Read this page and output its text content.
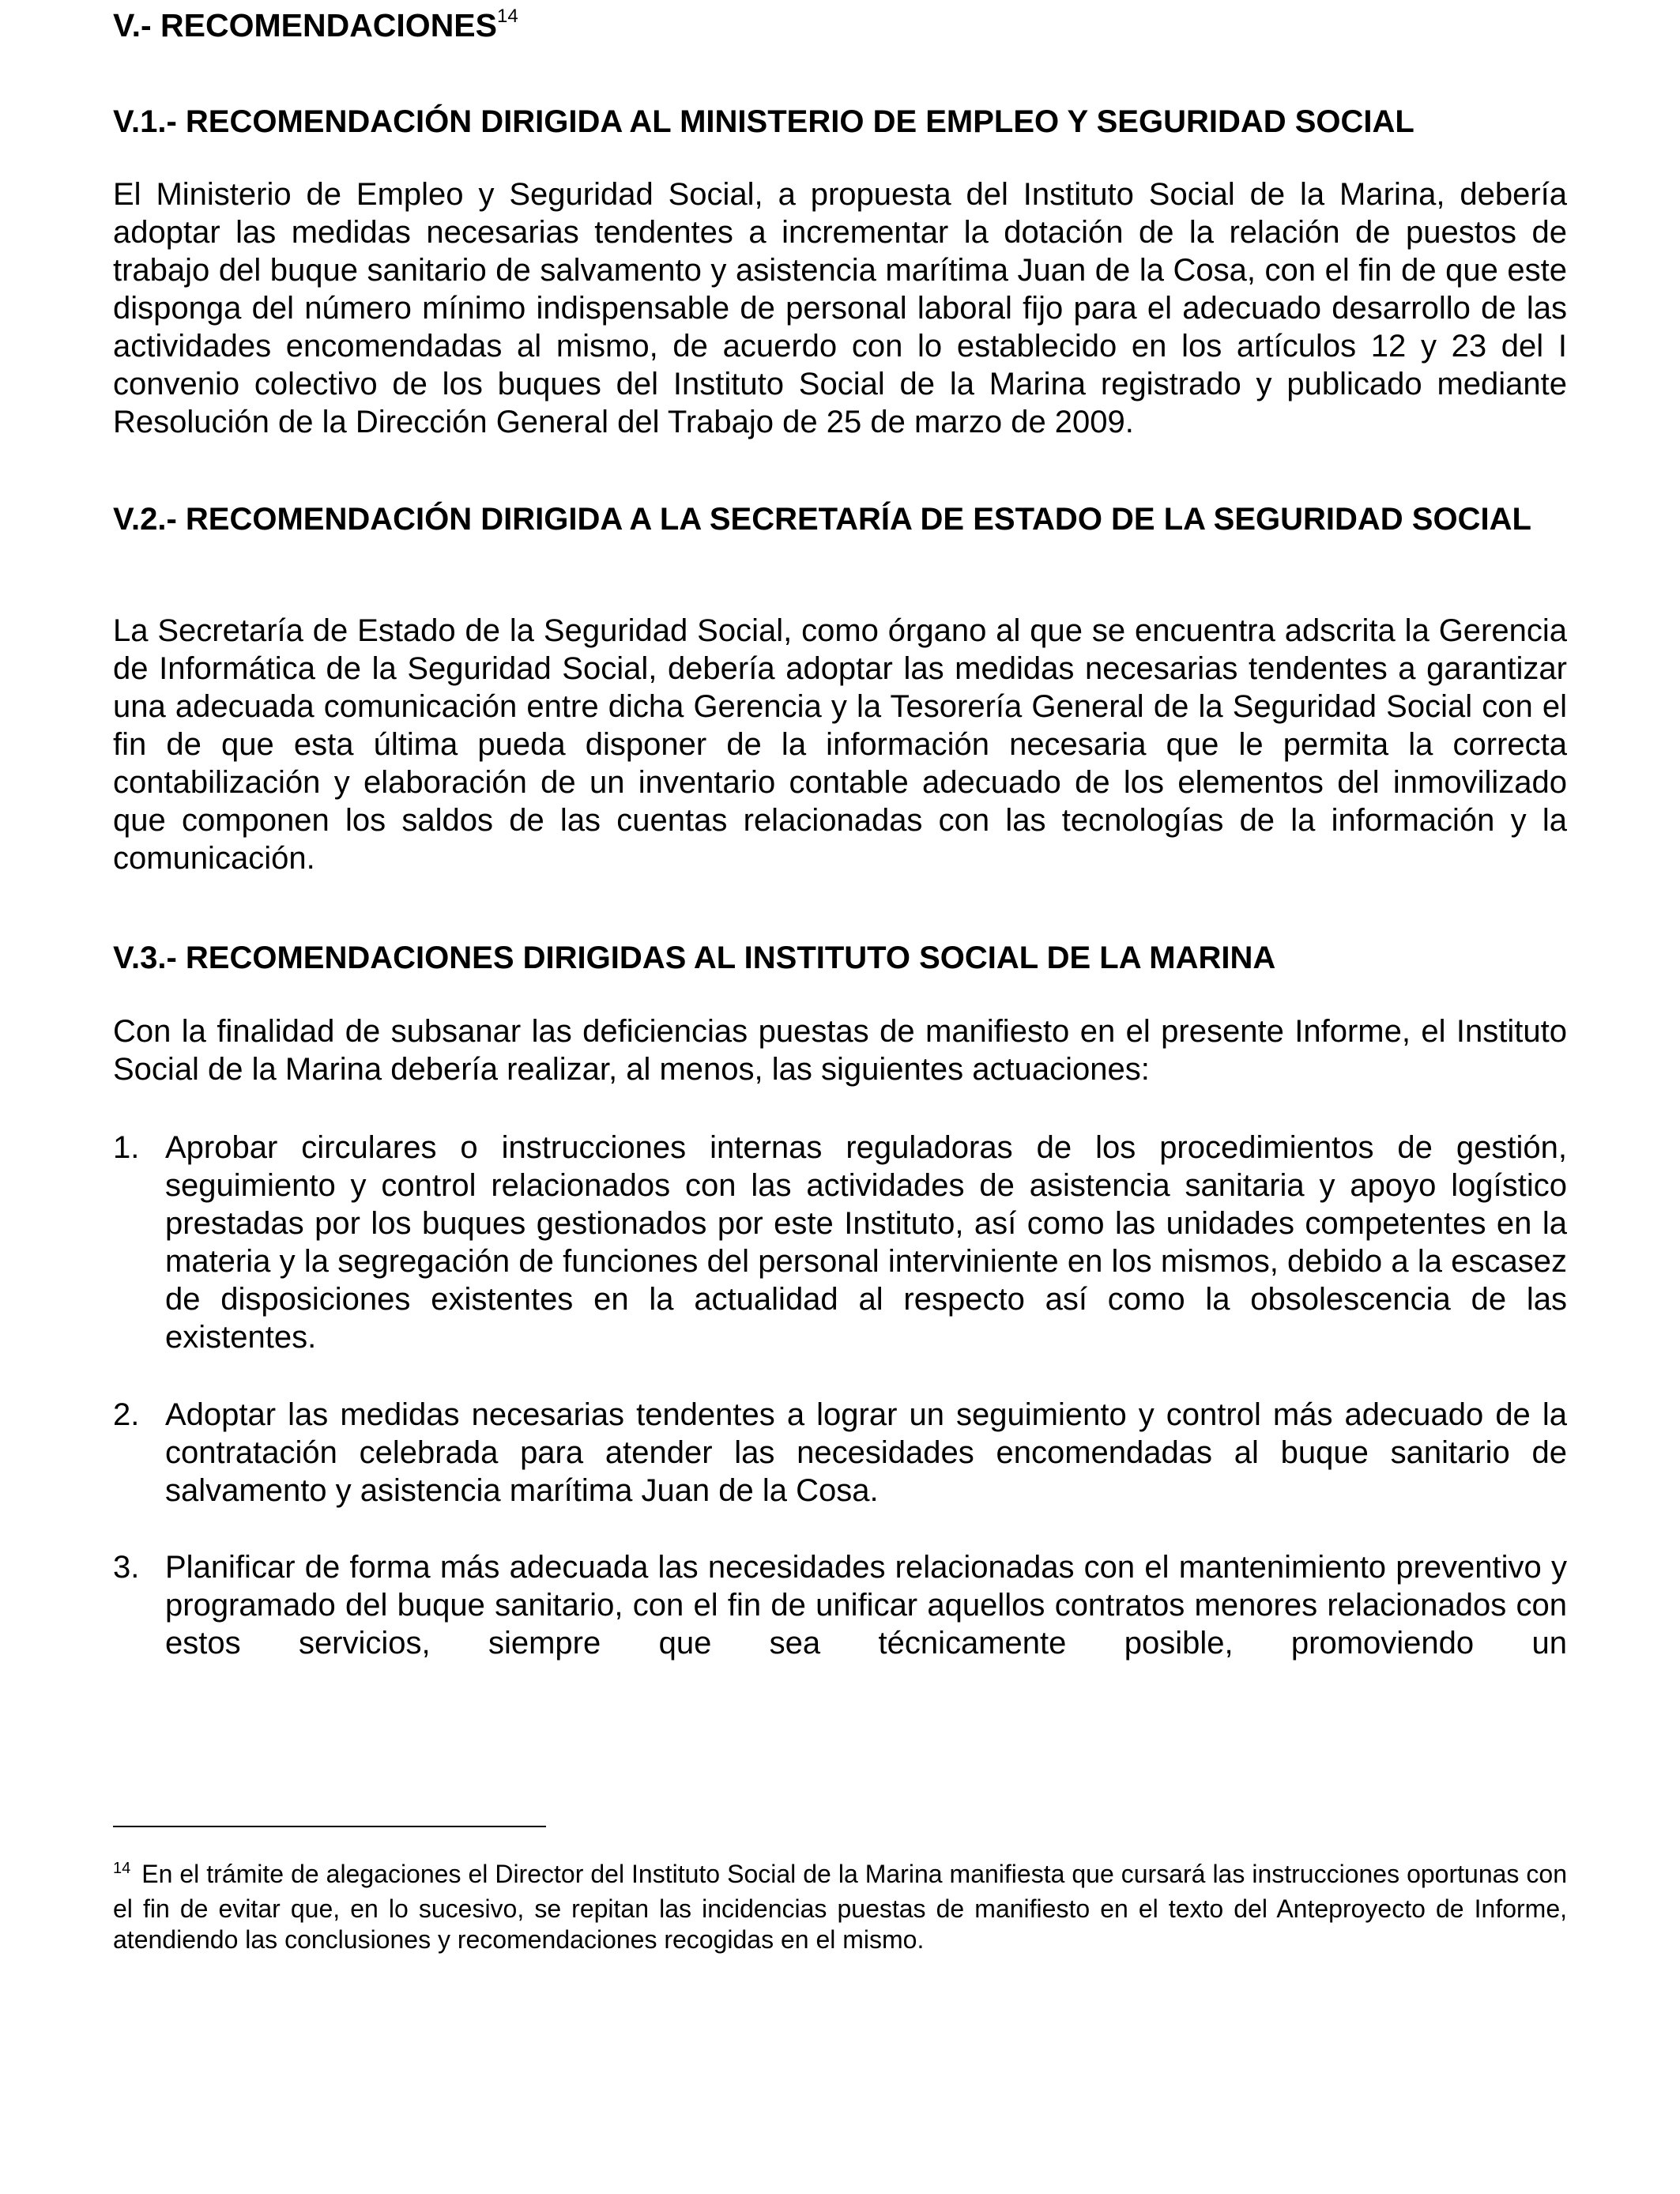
V.- RECOMENDACIONES$^{14}$
V.1.- RECOMENDACIÓN DIRIGIDA AL MINISTERIO DE EMPLEO Y SEGURIDAD SOCIAL

El Ministerio de Empleo y Seguridad Social, a propuesta del Instituto Social de la Marina, debería adoptar las medidas necesarias tendentes a incrementar la dotación de la relación de puestos de trabajo del buque sanitario de salvamento y asistencia marítima Juan de la Cosa, con el fin de que este disponga del número mínimo indispensable de personal laboral fijo para el adecuado desarrollo de las actividades encomendadas al mismo, de acuerdo con lo establecido en los artículos 12 y 23 del I convenio colectivo de los buques del Instituto Social de la Marina registrado y publicado mediante Resolución de la Dirección General del Trabajo de 25 de marzo de 2009.

V.2.- RECOMENDACIÓN DIRIGIDA A LA SECRETARÍA DE ESTADO DE LA SEGURIDAD SOCIAL

La Secretaría de Estado de la Seguridad Social, como órgano al que se encuentra adscrita la Gerencia de Informática de la Seguridad Social, debería adoptar las medidas necesarias tendentes a garantizar una adecuada comunicación entre dicha Gerencia y la Tesorería General de la Seguridad Social con el fin de que esta última pueda disponer de la información necesaria que le permita la correcta contabilización y elaboración de un inventario contable adecuado de los elementos del inmovilizado que componen los saldos de las cuentas relacionadas con las tecnologías de la información y la comunicación.

V.3.- RECOMENDACIONES DIRIGIDAS AL INSTITUTO SOCIAL DE LA MARINA

Con la finalidad de subsanar las deficiencias puestas de manifiesto en el presente Informe, el Instituto Social de la Marina debería realizar, al menos, las siguientes actuaciones:

1. Aprobar circulares o instrucciones internas reguladoras de los procedimientos de gestión, seguimiento y control relacionados con las actividades de asistencia sanitaria y apoyo logístico prestadas por los buques gestionados por este Instituto, así como las unidades competentes en la materia y la segregación de funciones del personal interviniente en los mismos, debido a la escasez de disposiciones existentes en la actualidad al respecto así como la obsolescencia de las existentes.
2. Adoptar las medidas necesarias tendentes a lograr un seguimiento y control más adecuado de la contratación celebrada para atender las necesidades encomendadas al buque sanitario de salvamento y asistencia marítima Juan de la Cosa.
3. Planificar de forma más adecuada las necesidades relacionadas con el mantenimiento preventivo y programado del buque sanitario, con el fin de unificar aquellos contratos menores relacionados con estos servicios, siempre que sea técnicamente posible, promoviendo un

$^{14}$ En el trámite de alegaciones el Director del Instituto Social de la Marina manifiesta que cursará las instrucciones oportunas con el fin de evitar que, en lo sucesivo, se repitan las incidencias puestas de manifiesto en el texto del Anteproyecto de Informe, atendiendo las conclusiones y recomendaciones recogidas en el mismo.
